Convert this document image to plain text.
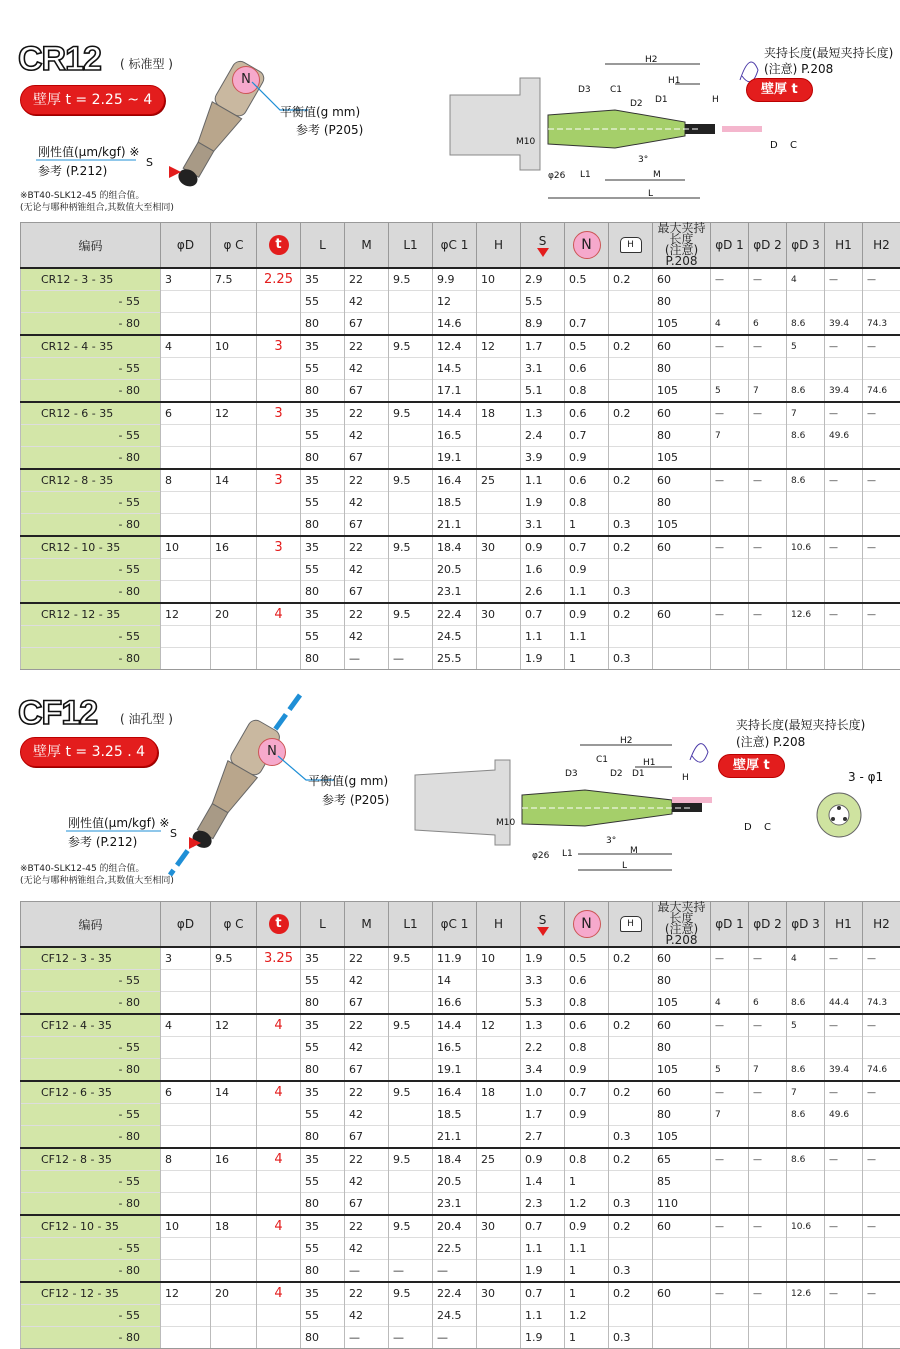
CR12 ( 标准型 )
壁厚 t = 2.25 ~ 4
N
平衡值(g mm)
参考 (P205)
刚性值(μm/kgf) ※
参考 (P.212)
S
※BT40-SLK12-45 的组合值。
(无论与哪种柄锥组合,其数值大至相同)
H2
H1
D3 C1
D2 D1	H
M10
φ26 L1
3°
M
L
D C
夹持长度(最短夹持长度)
(注意) P.208
壁厚 t
编码	φD	φ C	t	L	M	L1	φC 1	H	S	N	H	最大夹持长度
(注意) P.208	φD 1	φD 2	φD 3	H1	H2
CR12 - 3 - 35	3	7.5	2.25	35	22	9.5	9.9	10	2.9	0.5	0.2	60	—	—	4	—	—
- 55				55	42		12		5.5			80					
- 80				80	67		14.6		8.9	0.7		105	4	6	8.6	39.4	74.3
CR12 - 4 - 35	4	10	3	35	22	9.5	12.4	12	1.7	0.5	0.2	60	—	—	5	—	—
- 55				55	42		14.5		3.1	0.6		80					
- 80				80	67		17.1		5.1	0.8		105	5	7	8.6	39.4	74.6
CR12 - 6 - 35	6	12	3	35	22	9.5	14.4	18	1.3	0.6	0.2	60	—	—	7	—	—
- 55				55	42		16.5		2.4	0.7		80	7		8.6	49.6	
- 80				80	67		19.1		3.9	0.9		105					
CR12 - 8 - 35	8	14	3	35	22	9.5	16.4	25	1.1	0.6	0.2	60	—	—	8.6	—	—
- 55				55	42		18.5		1.9	0.8		80					
- 80				80	67		21.1		3.1	1	0.3	105					
CR12 - 10 - 35	10	16	3	35	22	9.5	18.4	30	0.9	0.7	0.2	60	—	—	10.6	—	—
- 55				55	42		20.5		1.6	0.9							
- 80				80	67		23.1		2.6	1.1	0.3						
CR12 - 12 - 35	12	20	4	35	22	9.5	22.4	30	0.7	0.9	0.2	60	—	—	12.6	—	—
- 55				55	42		24.5		1.1	1.1							
- 80				80	—	—	25.5		1.9	1	0.3						
CF12 ( 油孔型 )
壁厚 t = 3.25 . 4	N
平衡值(g mm)
参考 (P205)
刚性值(μm/kgf) ※
参考 (P.212)
S
※BT40-SLK12-45 的组合值。
(无论与哪种柄锥组合,其数值大至相同)
H2
H1
D3
C1
D2 D1	H
M10
φ26 L1
3°
M
L
D C
夹持长度(最短夹持长度)
(注意) P.208
壁厚 t
3 - φ1
编码	φD	φ C	t	L	M	L1	φC 1	H	S	N	H	最大夹持长度
(注意) P.208	φD 1	φD 2	φD 3	H1	H2
CF12 - 3 - 35	3	9.5	3.25	35	22	9.5	11.9	10	1.9	0.5	0.2	60	—	—	4	—	—
- 55				55	42		14		3.3	0.6		80					
- 80				80	67		16.6		5.3	0.8		105	4	6	8.6	44.4	74.3
CF12 - 4 - 35	4	12	4	35	22	9.5	14.4	12	1.3	0.6	0.2	60	—	—	5	—	—
- 55				55	42		16.5		2.2	0.8		80					
- 80				80	67		19.1		3.4	0.9		105	5	7	8.6	39.4	74.6
CF12 - 6 - 35	6	14	4	35	22	9.5	16.4	18	1.0	0.7	0.2	60	—	—	7	—	—
- 55				55	42		18.5		1.7	0.9		80	7		8.6	49.6	
- 80				80	67		21.1		2.7		0.3	105					
CF12 - 8 - 35	8	16	4	35	22	9.5	18.4	25	0.9	0.8	0.2	65	—	—	8.6	—	—
- 55				55	42		20.5		1.4	1		85					
- 80				80	67		23.1		2.3	1.2	0.3	110					
CF12 - 10 - 35	10	18	4	35	22	9.5	20.4	30	0.7	0.9	0.2	60	—	—	10.6	—	—
- 55				55	42		22.5		1.1	1.1							
- 80				80	—	—	—		1.9	1	0.3						
CF12 - 12 - 35	12	20	4	35	22	9.5	22.4	30	0.7	1	0.2	60	—	—	12.6	—	—
- 55				55	42		24.5		1.1	1.2							
- 80				80	—	—	—		1.9	1	0.3						
